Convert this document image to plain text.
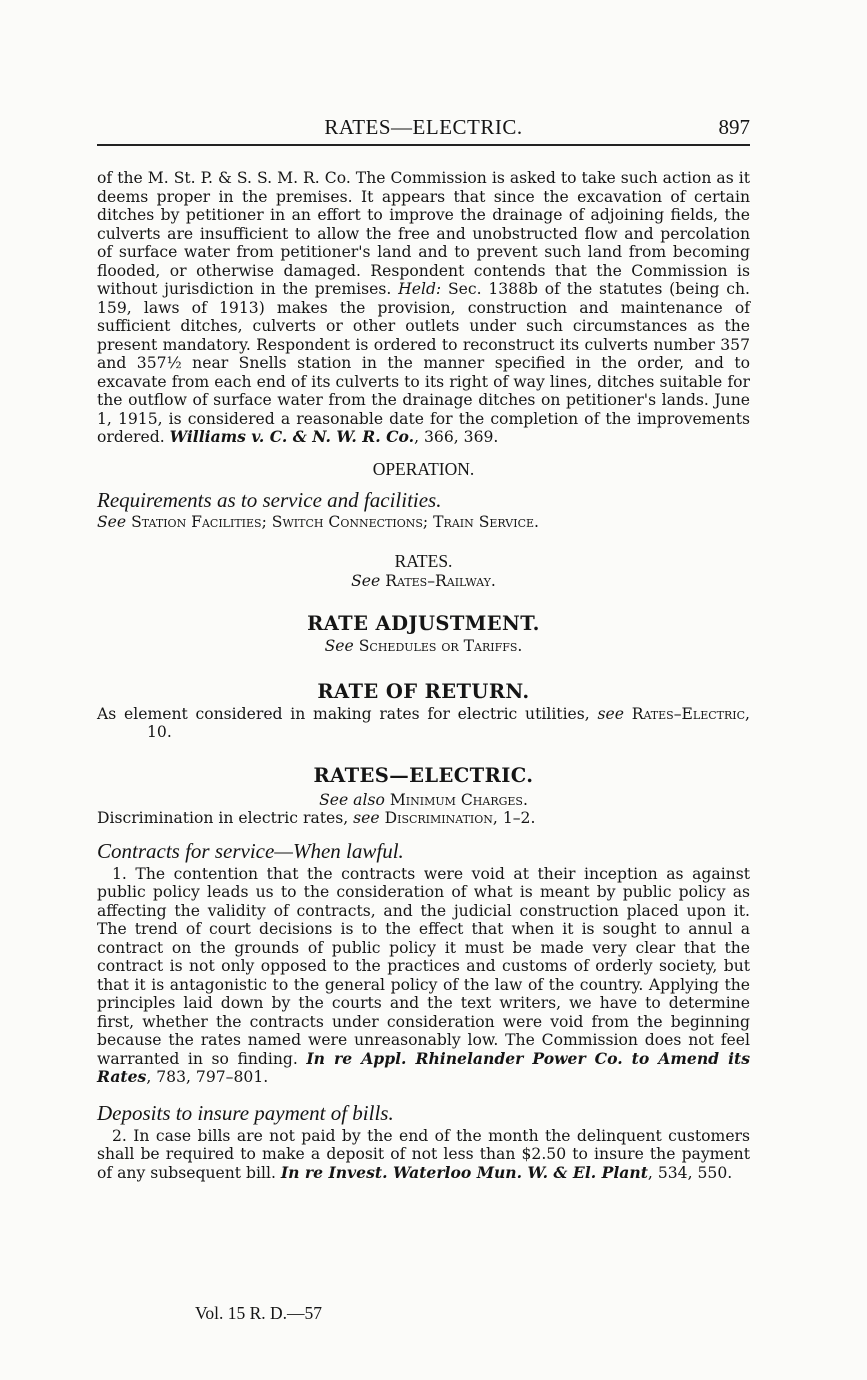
RATES—ELECTRIC.	897

of the M. St. P. & S. S. M. R. Co. The Commission is asked to take such action as it deems proper in the premises. It appears that since the excavation of certain ditches by petitioner in an effort to improve the drainage of adjoining fields, the culverts are insufficient to allow the free and unobstructed flow and percolation of surface water from petitioner's land and to prevent such land from becoming flooded, or otherwise damaged. Respondent contends that the Commission is without jurisdiction in the premises. Held: Sec. 1388b of the statutes (being ch. 159, laws of 1913) makes the provision, construction and maintenance of sufficient ditches, culverts or other outlets under such circumstances as the present mandatory. Respondent is ordered to reconstruct its culverts number 357 and 357½ near Snells station in the manner specified in the order, and to excavate from each end of its culverts to its right of way lines, ditches suitable for the outflow of surface water from the drainage ditches on petitioner's lands. June 1, 1915, is considered a reasonable date for the completion of the improvements ordered. Williams v. C. & N. W. R. Co., 366, 369.

OPERATION.

Requirements as to service and facilities.

See Station Facilities; Switch Connections; Train Service.

RATES.

See Rates–Railway.

RATE ADJUSTMENT.

See Schedules or Tariffs.

RATE OF RETURN.

As element considered in making rates for electric utilities, see Rates–Electric, 10.

RATES—ELECTRIC.

See also Minimum Charges.

Discrimination in electric rates, see Discrimination, 1–2.

Contracts for service—When lawful.

1. The contention that the contracts were void at their inception as against public policy leads us to the consideration of what is meant by public policy as affecting the validity of contracts, and the judicial construction placed upon it. The trend of court decisions is to the effect that when it is sought to annul a contract on the grounds of public policy it must be made very clear that the contract is not only opposed to the practices and customs of orderly society, but that it is antagonistic to the general policy of the law of the country. Applying the principles laid down by the courts and the text writers, we have to determine first, whether the contracts under consideration were void from the beginning because the rates named were unreasonably low. The Commission does not feel warranted in so finding. In re Appl. Rhinelander Power Co. to Amend its Rates, 783, 797–801.

Deposits to insure payment of bills.

2. In case bills are not paid by the end of the month the delinquent customers shall be required to make a deposit of not less than $2.50 to insure the payment of any subsequent bill. In re Invest. Waterloo Mun. W. & El. Plant, 534, 550.

Vol. 15 R. D.—57
